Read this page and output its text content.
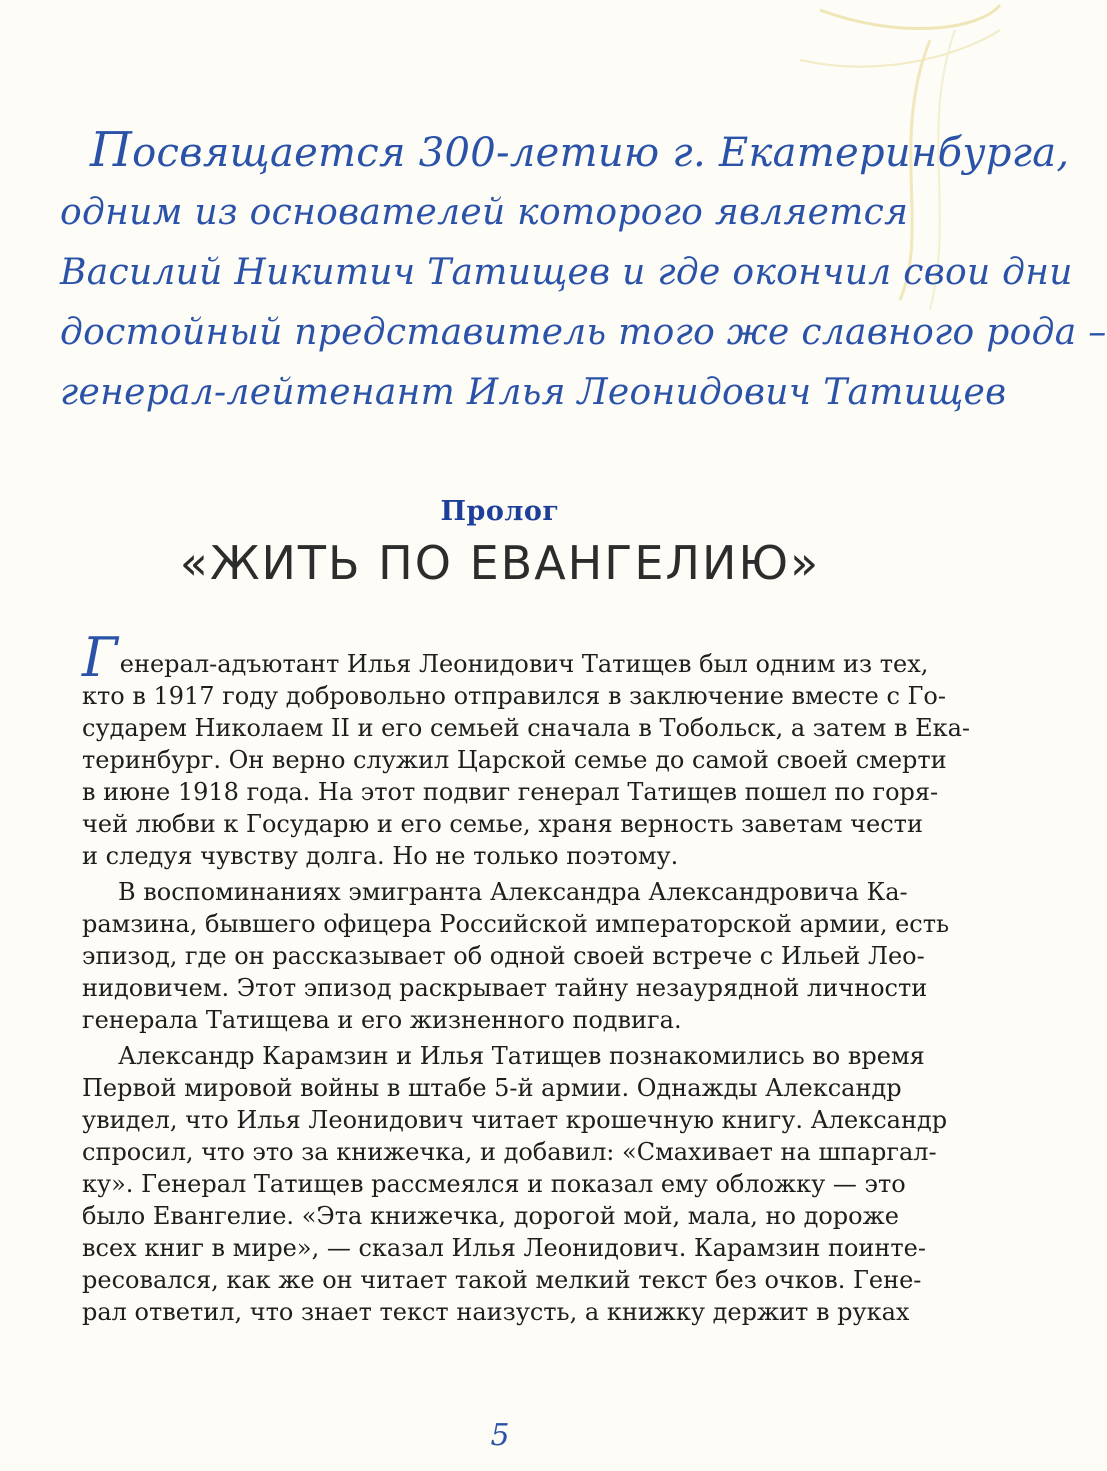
Посвящается 300-летию г. Екатеринбурга,
одним из основателей которого является
Василий Никитич Татищев и где окончил свои дни
достойный представитель того же славного рода –
генерал-лейтенант Илья Леонидович Татищев
Пролог
«ЖИТЬ ПО ЕВАНГЕЛИЮ»
Генерал-адъютант Илья Леонидович Татищев был одним из тех,
кто в 1917 году добровольно отправился в заключение вместе с Го-
сударем Николаем II и его семьей сначала в Тобольск, а затем в Ека-
теринбург. Он верно служил Царской семье до самой своей смерти
в июне 1918 года. На этот подвиг генерал Татищев пошел по горя-
чей любви к Государю и его семье, храня верность заветам чести
и следуя чувству долга. Но не только поэтому.
В воспоминаниях эмигранта Александра Александровича Ка-
рамзина, бывшего офицера Российской императорской армии, есть
эпизод, где он рассказывает об одной своей встрече с Ильей Лео-
нидовичем. Этот эпизод раскрывает тайну незаурядной личности
генерала Татищева и его жизненного подвига.
Александр Карамзин и Илья Татищев познакомились во время
Первой мировой войны в штабе 5-й армии. Однажды Александр
увидел, что Илья Леонидович читает крошечную книгу. Александр
спросил, что это за книжечка, и добавил: «Смахивает на шпаргал-
ку». Генерал Татищев рассмеялся и показал ему обложку — это
было Евангелие. «Эта книжечка, дорогой мой, мала, но дороже
всех книг в мире», — сказал Илья Леонидович. Карамзин поинте-
ресовался, как же он читает такой мелкий текст без очков. Гене-
рал ответил, что знает текст наизусть, а книжку держит в руках
5
